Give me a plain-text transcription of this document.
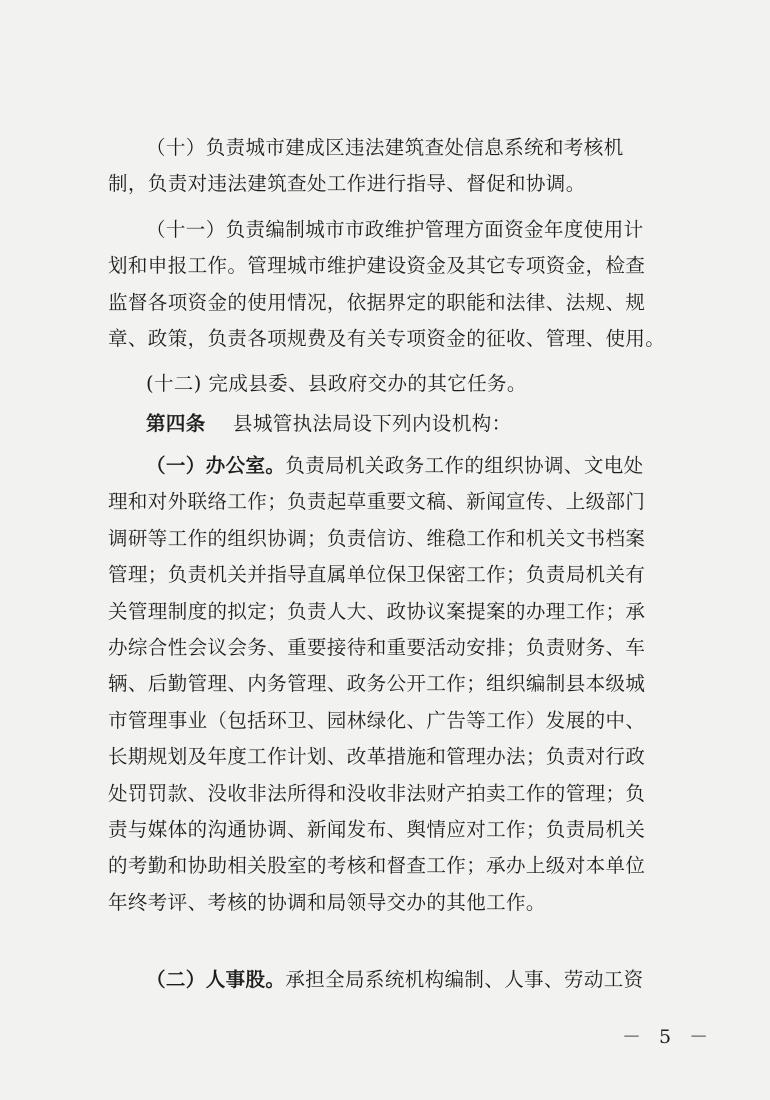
（十）负责城市建成区违法建筑查处信息系统和考核机
制，负责对违法建筑查处工作进行指导、督促和协调。
（十一）负责编制城市市政维护管理方面资金年度使用计
划和申报工作。管理城市维护建设资金及其它专项资金，检查
监督各项资金的使用情况，依据界定的职能和法律、法规、规
章、政策，负责各项规费及有关专项资金的征收、管理、使用。
(十二) 完成县委、县政府交办的其它任务。
第四条 县城管执法局设下列内设机构：
（一）办公室。负责局机关政务工作的组织协调、文电处
理和对外联络工作；负责起草重要文稿、新闻宣传、上级部门
调研等工作的组织协调；负责信访、维稳工作和机关文书档案
管理；负责机关并指导直属单位保卫保密工作；负责局机关有
关管理制度的拟定；负责人大、政协议案提案的办理工作；承
办综合性会议会务、重要接待和重要活动安排；负责财务、车
辆、后勤管理、内务管理、政务公开工作；组织编制县本级城
市管理事业（包括环卫、园林绿化、广告等工作）发展的中、
长期规划及年度工作计划、改革措施和管理办法；负责对行政
处罚罚款、没收非法所得和没收非法财产拍卖工作的管理；负
责与媒体的沟通协调、新闻发布、舆情应对工作；负责局机关
的考勤和协助相关股室的考核和督查工作；承办上级对本单位
年终考评、考核的协调和局领导交办的其他工作。
（二）人事股。承担全局系统机构编制、人事、劳动工资
－ 5 －
